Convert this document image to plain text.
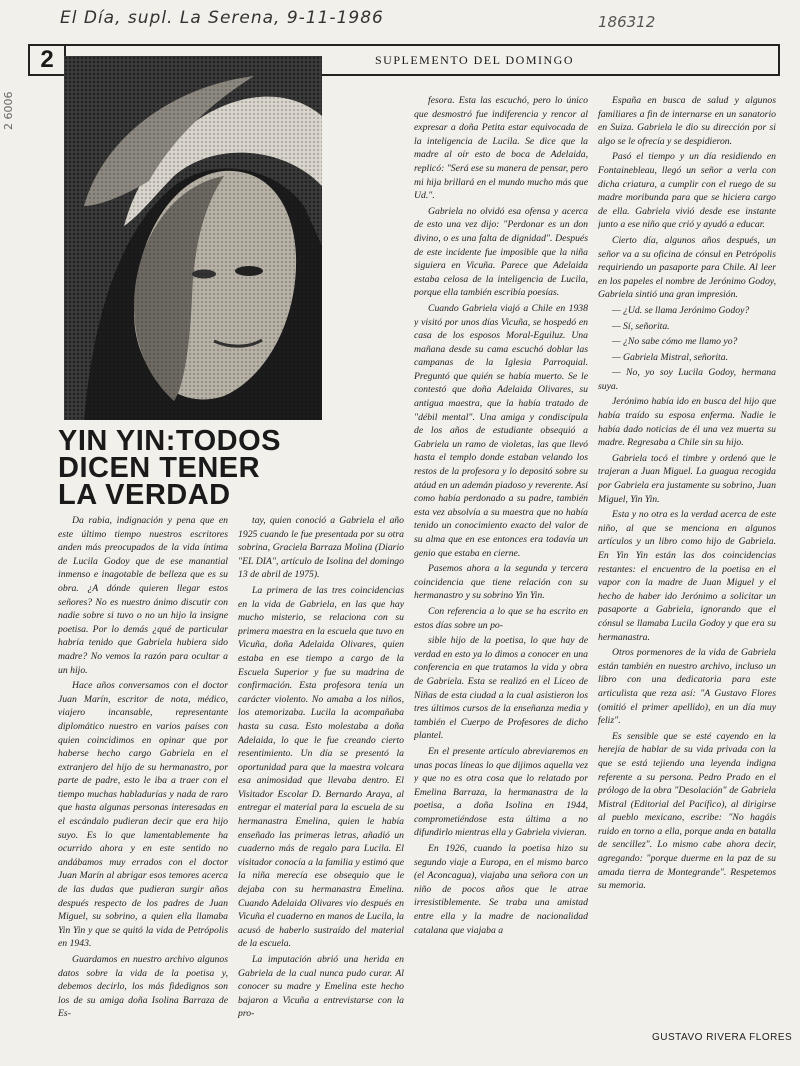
El Día, supl. La Serena, 9-11-1986	186312
2 6006
2	SUPLEMENTO DEL DOMINGO
YIN YIN:TODOS
DICEN TENER
LA VERDAD

Da rabia, indignación y pena que en este último tiempo nuestros escritores anden más preocupados de la vida íntima de Lucila Godoy que de ese manantial inmenso e inagotable de belleza que es su obra. ¿A dónde quieren llegar estos señores? No es nuestro ánimo discutir con nadie sobre si tuvo o no un hijo la insigne poetisa. Por lo demás ¿qué de particular habría tenido que Gabriela hubiera sido madre? No vemos la razón para ocultar a un hijo.

Hace años conversamos con el doctor Juan Marín, escritor de nota, médico, viajero incansable, representante diplomático nuestro en varios países con quien coincidimos en opinar que por haberse hecho cargo Gabriela en el extranjero del hijo de su hermanastro, por parte de padre, esto le iba a traer con el tiempo muchas habladurías y nada de raro que hasta algunas personas interesadas en el escándalo pudieran decir que era hijo suyo. Es lo que lamentablemente ha ocurrido ahora y en este sentido no andábamos muy errados con el doctor Juan Marín al abrigar esos temores acerca de las dudas que pudieran surgir años después respecto de los padres de Juan Miguel, su sobrino, a quien ella llamaba Yin Yin y que se quitó la vida de Petrópolis en 1943.

Guardamos en nuestro archivo algunos datos sobre la vida de la poetisa y, debemos decirlo, los más fidedignos son los de su amiga doña Isolina Barraza de Es-

tay, quien conoció a Gabriela el año 1925 cuando le fue presentada por su otra sobrina, Graciela Barraza Molina (Diario "EL DIA", artículo de Isolina del domingo 13 de abril de 1975).

La primera de las tres coincidencias en la vida de Gabriela, en las que hay mucho misterio, se relaciona con su primera maestra en la escuela que tuvo en Vicuña, doña Adelaida Olivares, quien estaba en ese tiempo a cargo de la Escuela Superior y fue su madrina de confirmación. Esta profesora tenía un carácter violento. No amaba a los niños, los atemorizaba. Lucila la acompañaba hasta su casa. Esto molestaba a doña Adelaida, lo que le fue creando cierto resentimiento. Un día se presentó la oportunidad para que la maestra volcara esa animosidad que llevaba dentro. El Visitador Escolar D. Bernardo Araya, al entregar el material para la escuela de su hermanastra Emelina, quien le había enseñado las primeras letras, añadió un cuaderno más de regalo para Lucila. El visitador conocía a la familia y estimó que la niña merecía ese obsequio que le dejaba con su hermanastra Emelina. Cuando Adelaida Olivares vio después en Vicuña el cuaderno en manos de Lucila, la acusó de haberlo sustraído del material de la escuela.

La imputación abrió una herida en Gabriela de la cual nunca pudo curar. Al conocer su madre y Emelina este hecho bajaron a Vicuña a entrevistarse con la pro-

fesora. Esta las escuchó, pero lo único que desmostró fue indiferencia y rencor al expresar a doña Petita estar equivocada de la inteligencia de Lucila. Se dice que la madre al oír esto de boca de Adelaida, replicó: "Será ese su manera de pensar, pero mi hija brillará en el mundo mucho más que Ud.".

Gabriela no olvidó esa ofensa y acerca de esto una vez dijo: "Perdonar es un don divino, o es una falta de dignidad". Después de este incidente fue imposible que la niña siguiera en Vicuña. Parece que Adelaida estaba celosa de la inteligencia de Lucila, porque ella también escribía poesías.

Cuando Gabriela viajó a Chile en 1938 y visitó por unos días Vicuña, se hospedó en casa de los esposos Moral-Eguiluz. Una mañana desde su cama escuchó doblar las campanas de la Iglesia Parroquial. Preguntó que quién se había muerto. Se le contestó que doña Adelaida Olivares, su antigua maestra, que la había tratado de "débil mental". Una amiga y condiscípula de los años de estudiante obsequió a Gabriela un ramo de violetas, las que llevó hasta el templo donde estaban velando los restos de la profesora y lo depositó sobre su atáud en un ademán piadoso y reverente. Así como había perdonado a su padre, también esta vez absolvía a su maestra que no había tenido un conocimiento exacto del valor de su alma que en ese entonces era todavía un genio que estaba en cierne.

Pasemos ahora a la segunda y tercera coincidencia que tiene relación con su hermanastro y su sobrino Yin Yin.

Con referencia a lo que se ha escrito en estos días sobre un po-

sible hijo de la poetisa, lo que hay de verdad en esto ya lo dimos a conocer en una conferencia en que tratamos la vida y obra de Gabriela. Esta se realizó en el Liceo de Niñas de esta ciudad a la cual asistieron los tres últimos cursos de la enseñanza media y también el Cuerpo de Profesores de dicho plantel.

En el presente artículo abreviaremos en unas pocas líneas lo que dijimos aquella vez y que no es otra cosa que lo relatado por Emelina Barraza, la hermanastra de la poetisa, a doña Isolina en 1944, comprometiéndose esta última a no difundirlo mientras ella y Gabriela vivieran.

En 1926, cuando la poetisa hizo su segundo viaje a Europa, en el mismo barco (el Aconcagua), viajaba una señora con un niño de pocos años que le atrae irresistiblemente. Se traba una amistad entre ella y la madre de nacionalidad catalana que viajaba a

España en busca de salud y algunos familiares a fin de internarse en un sanatorio en Suiza. Gabriela le dio su dirección por si algo se le ofrecía y se despidieron.

Pasó el tiempo y un día residiendo en Fontainebleau, llegó un señor a verla con dicha criatura, a cumplir con el ruego de su madre moribunda para que se hiciera cargo de ella. Gabriela vivió desde ese instante junto a ese niño que crió y ayudó a educar.

Cierto día, algunos años después, un señor va a su oficina de cónsul en Petrópolis requiriendo un pasaporte para Chile. Al leer en los papeles el nombre de Jerónimo Godoy, Gabriela sintió una gran impresión.

— ¿Ud. se llama Jerónimo Godoy?

— Sí, señorita.

— ¿No sabe cómo me llamo yo?

— Gabriela Mistral, señorita.

— No, yo soy Lucila Godoy, hermana suya.

Jerónimo había ido en busca del hijo que había traído su esposa enferma. Nadie le había dado noticias de él una vez muerta su madre. Regresaba a Chile sin su hijo.

Gabriela tocó el timbre y ordenó que le trajeran a Juan Miguel. La guagua recogida por Gabriela era justamente su sobrino, Juan Miguel, Yin Yin.

Esta y no otra es la verdad acerca de este niño, al que se menciona en algunos artículos y un libro como hijo de Gabriela. En Yin Yin están las dos coincidencias restantes: el encuentro de la poetisa en el vapor con la madre de Juan Miguel y el hecho de haber ido Jerónimo a solicitar un pasaporte a Gabriela, ignorando que el cónsul se llamaba Lucila Godoy y que era su hermanastra.

Otros pormenores de la vida de Gabriela están también en nuestro archivo, incluso un libro con una dedicatoria para este articulista que reza así: "A Gustavo Flores (omitió el primer apellido), en un día muy feliz".

Es sensible que se esté cayendo en la herejía de hablar de su vida privada con la que se está tejiendo una leyenda indigna referente a su persona. Pedro Prado en el prólogo de la obra "Desolación" de Gabriela Mistral (Editorial del Pacífico), al dirigirse al pueblo mexicano, escribe: "No hagáis ruido en torno a ella, porque anda en batalla de sencillez". Lo mismo cabe ahora decir, agregando: "porque duerme en la paz de su amada tierra de Montegrande". Respetemos su memoria.

GUSTAVO RIVERA FLORES
